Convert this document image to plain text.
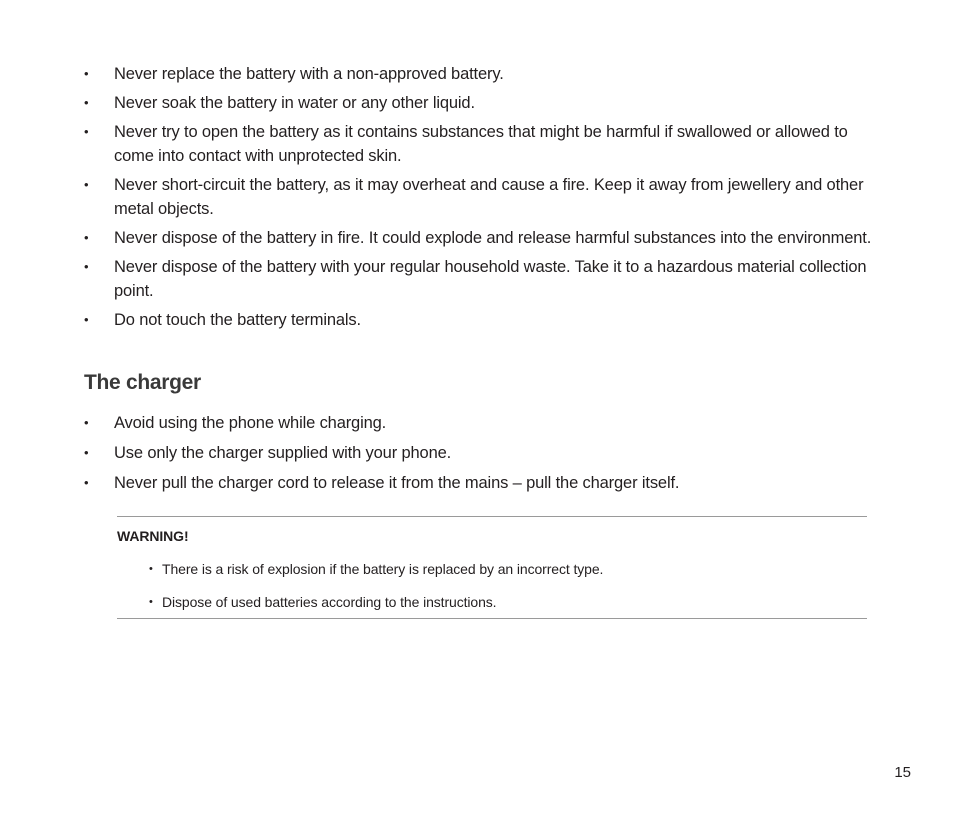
• Never replace the battery with a non-approved battery.
• Never soak the battery in water or any other liquid.
• Never try to open the battery as it contains substances that might be harmful if swallowed or allowed to come into contact with unprotected skin.
• Never short-circuit the battery, as it may overheat and cause a fire. Keep it away from jewellery and other metal objects.
• Never dispose of the battery in fire. It could explode and release harmful substances into the environment.
• Never dispose of the battery with your regular household waste. Take it to a hazardous material collection point.
• Do not touch the battery terminals.
The charger
• Avoid using the phone while charging.
• Use only the charger supplied with your phone.
• Never pull the charger cord to release it from the mains – pull the charger itself.
WARNING!
• There is a risk of explosion if the battery is replaced by an incorrect type.
• Dispose of used batteries according to the instructions.
15
